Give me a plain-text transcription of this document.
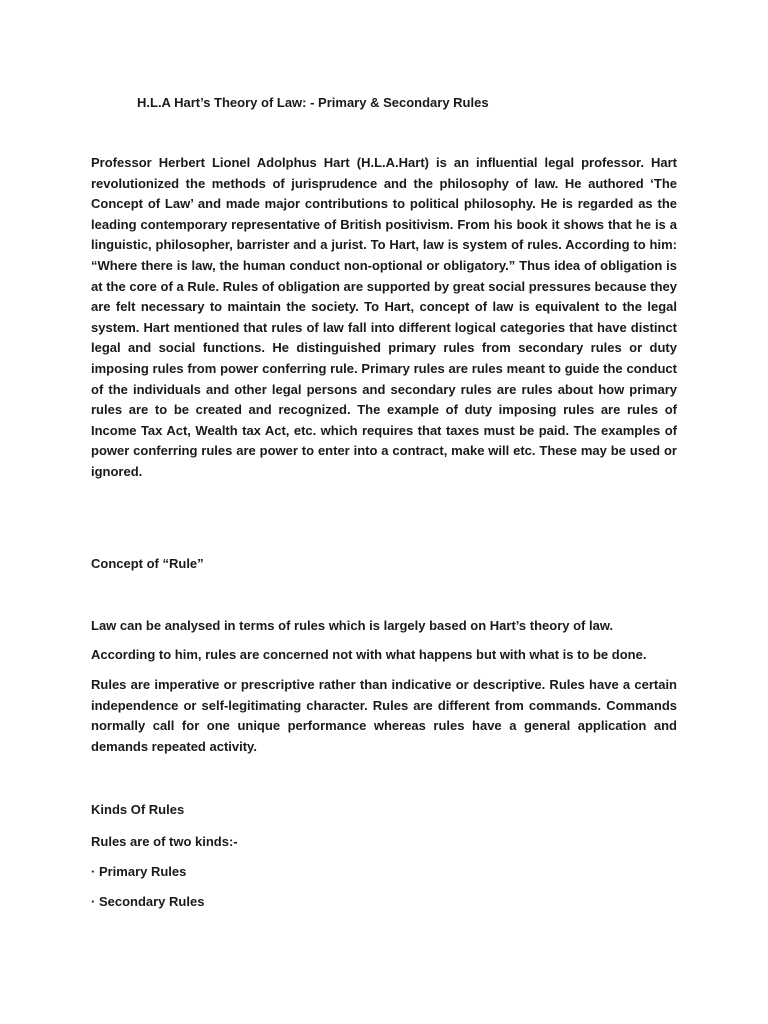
H.L.A Hart’s Theory of Law: - Primary & Secondary Rules
Professor Herbert Lionel Adolphus Hart (H.L.A.Hart) is an influential legal professor. Hart revolutionized the methods of jurisprudence and the philosophy of law. He authored ‘The Concept of Law’ and made major contributions to political philosophy. He is regarded as the leading contemporary representative of British positivism. From his book it shows that he is a linguistic, philosopher, barrister and a jurist. To Hart, law is system of rules. According to him: “Where there is law, the human conduct non-optional or obligatory.” Thus idea of obligation is at the core of a Rule. Rules of obligation are supported by great social pressures because they are felt necessary to maintain the society. To Hart, concept of law is equivalent to the legal system. Hart mentioned that rules of law fall into different logical categories that have distinct legal and social functions. He distinguished primary rules from secondary rules or duty imposing rules from power conferring rule. Primary rules are rules meant to guide the conduct of the individuals and other legal persons and secondary rules are rules about how primary rules are to be created and recognized. The example of duty imposing rules are rules of Income Tax Act, Wealth tax Act, etc. which requires that taxes must be paid. The examples of power conferring rules are power to enter into a contract, make will etc. These may be used or ignored.
Concept of “Rule”
Law can be analysed in terms of rules which is largely based on Hart’s theory of law.
According to him, rules are concerned not with what happens but with what is to be done.
Rules are imperative or prescriptive rather than indicative or descriptive. Rules have a certain independence or self-legitimating character. Rules are different from commands. Commands normally call for one unique performance whereas rules have a general application and demands repeated activity.
Kinds Of Rules
Rules are of two kinds:-
· Primary Rules
· Secondary Rules
